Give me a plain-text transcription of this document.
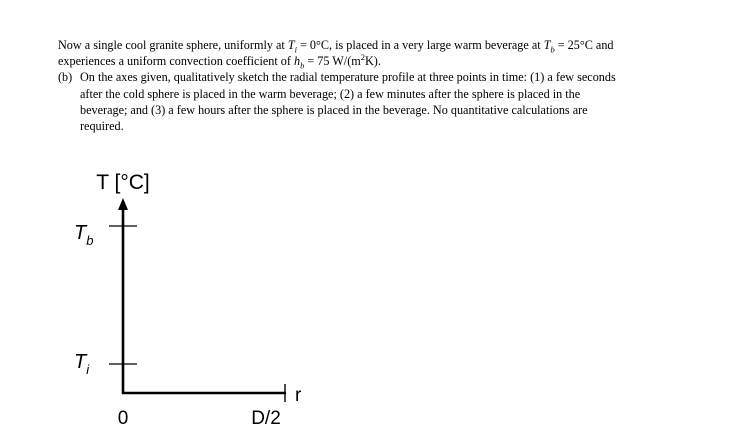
Now a single cool granite sphere, uniformly at $T_i = 0^\circ C$, is placed in a very large warm beverage at $T_b = 25^\circ C$ and
experiences a uniform convection coefficient of $h_b = 75$ $W/(m^2K)$.
(b) On the axes given, qualitatively sketch the radial temperature profile at three points in time: (1) a few seconds
after the cold sphere is placed in the warm beverage; (2) a few minutes after the sphere is placed in the
beverage; and (3) a few hours after the sphere is placed in the beverage. No quantitative calculations are
required.
T [°C]
$T_b$
$T_i$
0	D/2
r
